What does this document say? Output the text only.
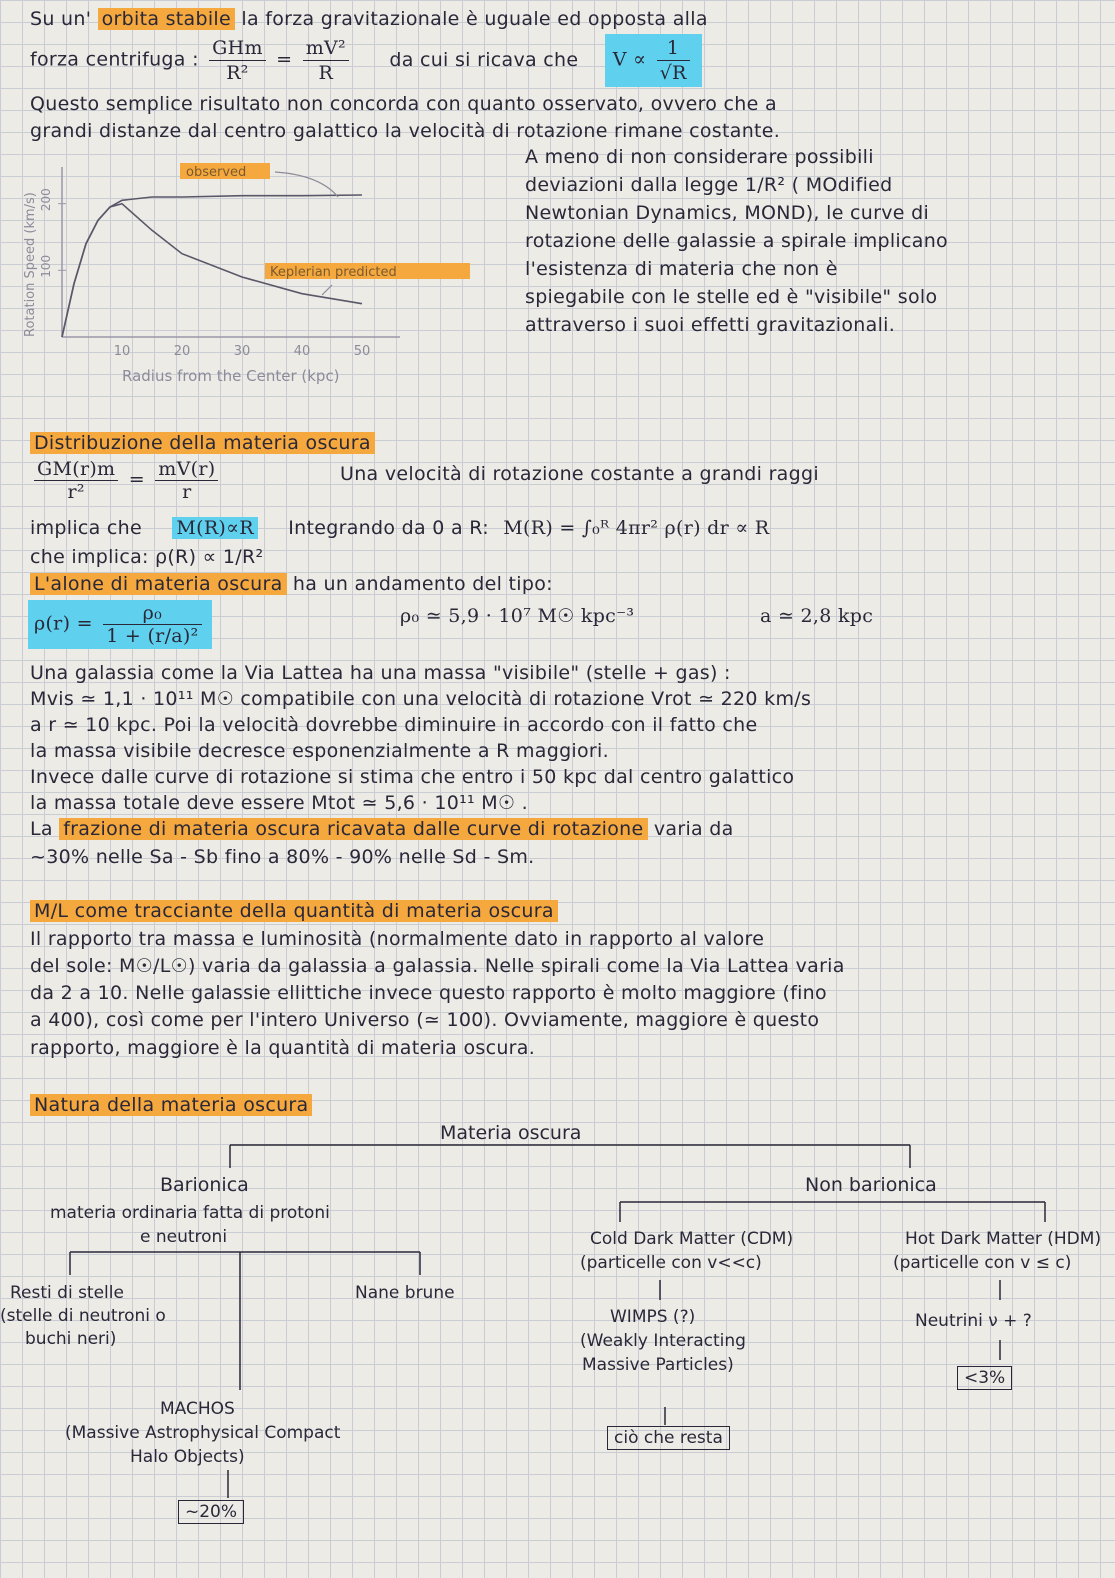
Su un' orbita stabile la forza gravitazionale è uguale ed opposta alla
forza centrifuga : $\frac{\text{GHm}}{\text{R²}} = \frac{\text{mV²}}{R}$ da cui si ricava che $V \propto \frac{1}{√R}$
Questo semplice risultato non concorda con quanto osservato, ovvero che a
grandi distanze dal centro galattico la velocità di rotazione rimane costante.
200
100
10	20	30	40	50
Radius from the Center (kpc)
Rotation Speed (km/s)
observed
Keplerian predicted
A meno di non considerare possibili
deviazioni dalla legge 1/R² ( MOdified
Newtonian Dynamics, MOND), le curve di
rotazione delle galassie a spirale implicano
l'esistenza di materia che non è
spiegabile con le stelle ed è "visibile" solo
attraverso i suoi effetti gravitazionali.
Distribuzione della materia oscura
$\frac{GM(r)m}{\text{r²}} = \frac{mV(r)}{r}$	Una velocità di rotazione costante a grandi raggi
implica che M(R)∝R Integrando da 0 a R: M(R) = ∫₀ᴿ 4πr² ρ(r) dr ∝ R
che implica: ρ(R) ∝ 1/R²
L'alone di materia oscura ha un andamento del tipo:
$\rho(r) = \frac{\text{ρ₀}}{\text{1 + (r/a)²}}$	ρ₀ ≃ 5,9 · 10⁷ M☉ kpc⁻³	a ≃ 2,8 kpc
Una galassia come la Via Lattea ha una massa "visibile" (stelle + gas) :
Mvis ≃ 1,1 · 10¹¹ M☉ compatibile con una velocità di rotazione Vrot ≃ 220 km/s
a r ≃ 10 kpc. Poi la velocità dovrebbe diminuire in accordo con il fatto che
la massa visibile decresce esponenzialmente a R maggiori.
Invece dalle curve di rotazione si stima che entro i 50 kpc dal centro galattico
la massa totale deve essere Mtot ≃ 5,6 · 10¹¹ M☉ .
La frazione di materia oscura ricavata dalle curve di rotazione varia da
~30% nelle Sa - Sb fino a 80% - 90% nelle Sd - Sm.
M/L come tracciante della quantità di materia oscura
Il rapporto tra massa e luminosità (normalmente dato in rapporto al valore
del sole: M☉/L☉) varia da galassia a galassia. Nelle spirali come la Via Lattea varia
da 2 a 10. Nelle galassie ellittiche invece questo rapporto è molto maggiore (fino
a 400), così come per l'intero Universo (≃ 100). Ovviamente, maggiore è questo
rapporto, maggiore è la quantità di materia oscura.
Natura della materia oscura
Materia oscura
Barionica
materia ordinaria fatta di protoni
e neutroni
Non barionica
Resti di stelle
(stelle di neutroni o
buchi neri)
Nane brune
MACHOS
(Massive Astrophysical Compact
Halo Objects)
~20%
Cold Dark Matter (CDM)
(particelle con v<<c)
WIMPS (?)
(Weakly Interacting
Massive Particles)
ciò che resta
Hot Dark Matter (HDM)
(particelle con v ≤ c)
Neutrini ν + ?
<3%
